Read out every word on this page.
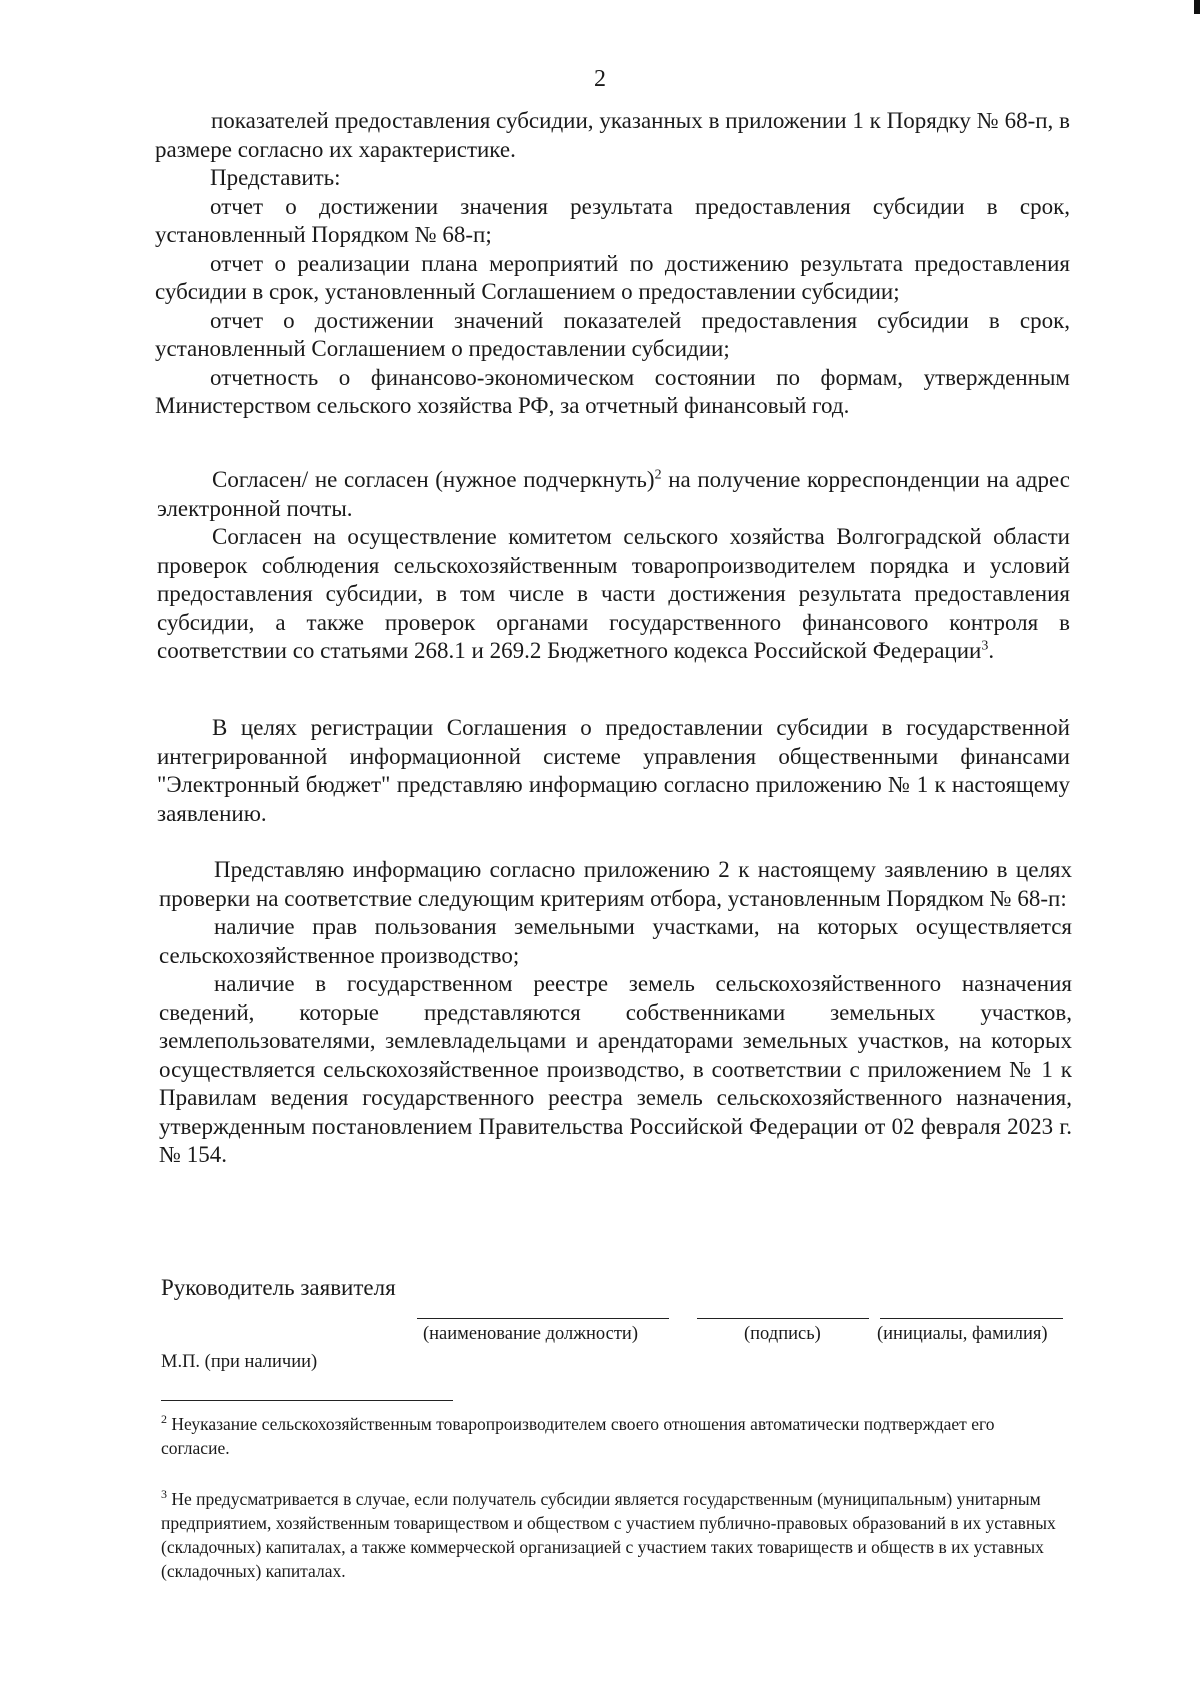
2

показателей предоставления субсидии, указанных в приложении 1 к Порядку № 68-п, в размере согласно их характеристике.

Представить:

отчет о достижении значения результата предоставления субсидии в срок, установленный Порядком № 68-п;

отчет о реализации плана мероприятий по достижению результата предоставления субсидии в срок, установленный Соглашением о предоставлении субсидии;

отчет о достижении значений показателей предоставления субсидии в срок, установленный Соглашением о предоставлении субсидии;

отчетность о финансово-экономическом состоянии по формам, утвержденным Министерством сельского хозяйства РФ, за отчетный финансовый год.

Согласен/ не согласен (нужное подчеркнуть)$^2$ на получение корреспонденции на адрес электронной почты.

Согласен на осуществление комитетом сельского хозяйства Волгоградской области проверок соблюдения сельскохозяйственным товаропроизводителем порядка и условий предоставления субсидии, в том числе в части достижения результата предоставления субсидии, а также проверок органами государственного финансового контроля в соответствии со статьями 268.1 и 269.2 Бюджетного кодекса Российской Федерации$^3$.

В целях регистрации Соглашения о предоставлении субсидии в государственной интегрированной информационной системе управления общественными финансами "Электронный бюджет" представляю информацию согласно приложению № 1 к настоящему заявлению.

Представляю информацию согласно приложению 2 к настоящему заявлению в целях проверки на соответствие следующим критериям отбора, установленным Порядком № 68-п:

наличие прав пользования земельными участками, на которых осуществляется сельскохозяйственное производство;

наличие в государственном реестре земель сельскохозяйственного назначения сведений, которые представляются собственниками земельных участков, землепользователями, землевладельцами и арендаторами земельных участков, на которых осуществляется сельскохозяйственное производство, в соответствии с приложением № 1 к Правилам ведения государственного реестра земель сельскохозяйственного назначения, утвержденным постановлением Правительства Российской Федерации от 02 февраля 2023 г. № 154.

Руководитель заявителя
(наименование должности)	(подпись)	(инициалы, фамилия)
М.П. (при наличии)
$^2$ Неуказание сельскохозяйственным товаропроизводителем своего отношения автоматически подтверждает его согласие.
$^3$ Не предусматривается в случае, если получатель субсидии является государственным (муниципальным) унитарным предприятием, хозяйственным товариществом и обществом с участием публично-правовых образований в их уставных (складочных) капиталах, а также коммерческой организацией с участием таких товариществ и обществ в их уставных (складочных) капиталах.
